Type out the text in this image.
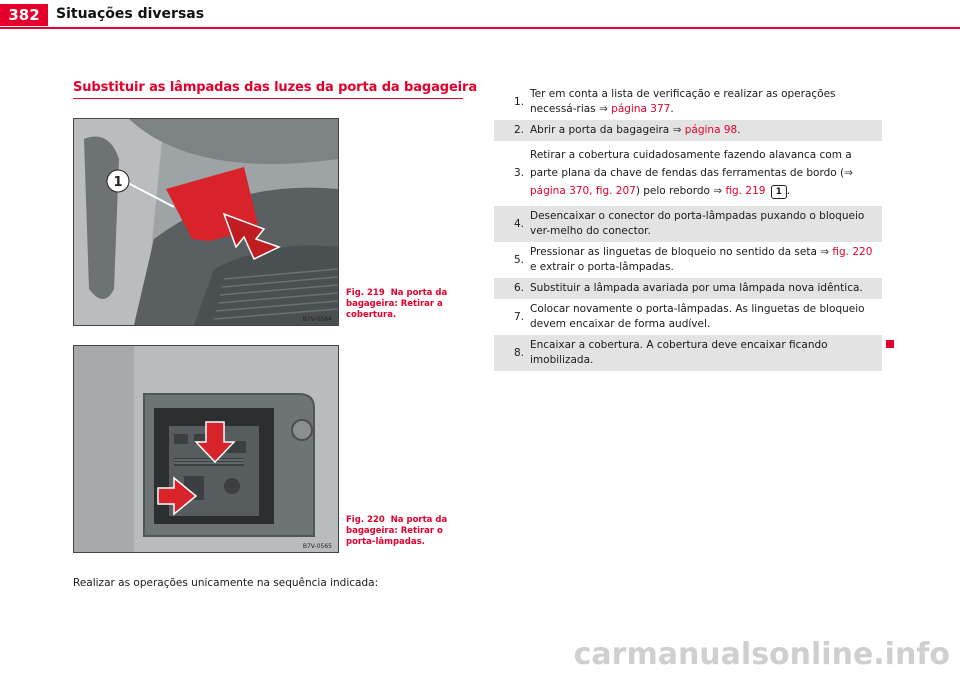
382	Situações diversas
Substituir as lâmpadas das luzes da porta da bagageira
1
B7V-0564
Fig. 219 Na porta da bagageira: Retirar a cobertura.
B7V-0565
Fig. 220 Na porta da bagageira: Retirar o porta-lâmpadas.
Realizar as operações unicamente na sequência indicada:
1.
Ter em conta a lista de verificação e realizar as operações necessá-rias ⇒ página 377.
2. Abrir a porta da bagageira ⇒ página 98.
3.
Retirar a cobertura cuidadosamente fazendo alavanca com a parte plana da chave de fendas das ferramentas de bordo (⇒ página 370, fig. 207) pelo rebordo ⇒ fig. 219 1 .
4.
Desencaixar o conector do porta-lâmpadas puxando o bloqueio ver-melho do conector.
5.
Pressionar as linguetas de bloqueio no sentido da seta ⇒ fig. 220 e extrair o porta-lâmpadas.
6. Substituir a lâmpada avariada por uma lâmpada nova idêntica.
7.
Colocar novamente o porta-lâmpadas. As linguetas de bloqueio devem encaixar de forma audível.
8.
Encaixar a cobertura. A cobertura deve encaixar ficando imobilizada.
carmanualsonline.info
